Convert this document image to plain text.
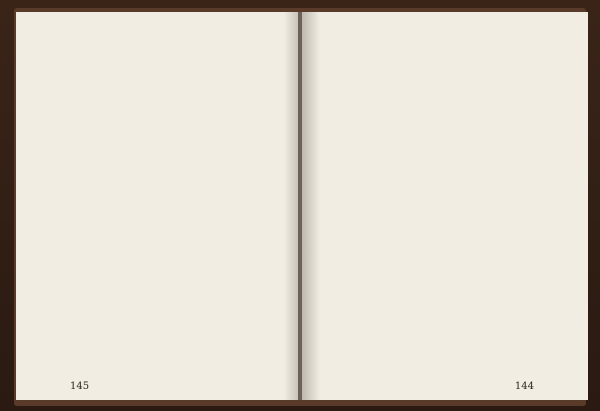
145	144
